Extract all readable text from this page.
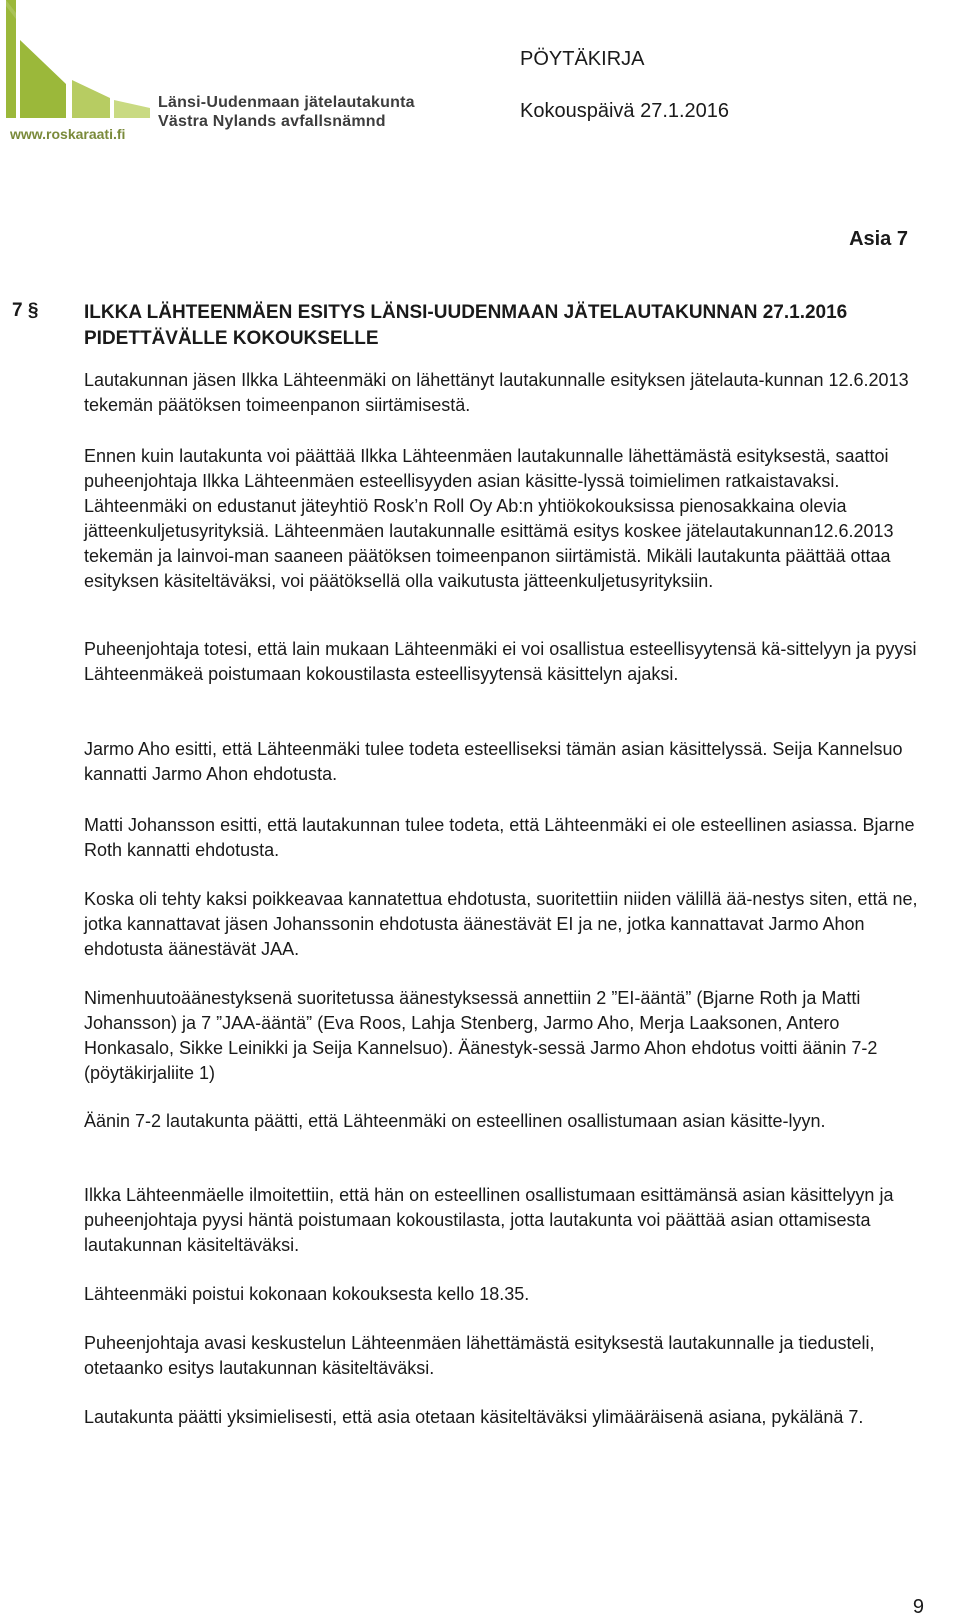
Länsi-Uudenmaan jätelautakunta
Västra Nylands avfallsnämnd
www.roskaraati.fi
PÖYTÄKIRJA
Kokouspäivä 27.1.2016
Asia 7
7 § ILKKA LÄHTEENMÄEN ESITYS LÄNSI-UUDENMAAN JÄTELAUTAKUNNAN 27.1.2016 PIDETTÄVÄLLE KOKOUKSELLE
Lautakunnan jäsen Ilkka Lähteenmäki on lähettänyt lautakunnalle esityksen jätelauta-kunnan 12.6.2013 tekemän päätöksen toimeenpanon siirtämisestä.
Ennen kuin lautakunta voi päättää Ilkka Lähteenmäen lautakunnalle lähettämästä esityksestä, saattoi puheenjohtaja Ilkka Lähteenmäen esteellisyyden asian käsitte-lyssä toimielimen ratkaistavaksi. Lähteenmäki on edustanut jäteyhtiö Rosk’n Roll Oy Ab:n yhtiökokouksissa pienosakkaina olevia jätteenkuljetusyrityksiä. Lähteenmäen lautakunnalle esittämä esitys koskee jätelautakunnan12.6.2013 tekemän ja lainvoi-man saaneen päätöksen toimeenpanon siirtämistä. Mikäli lautakunta päättää ottaa esityksen käsiteltäväksi, voi päätöksellä olla vaikutusta jätteenkuljetusyrityksiin.
Puheenjohtaja totesi, että lain mukaan Lähteenmäki ei voi osallistua esteellisyytensä kä-sittelyyn ja pyysi Lähteenmäkeä poistumaan kokoustilasta esteellisyytensä käsittelyn ajaksi.
Jarmo Aho esitti, että Lähteenmäki tulee todeta esteelliseksi tämän asian käsittelyssä. Seija Kannelsuo kannatti Jarmo Ahon ehdotusta.
Matti Johansson esitti, että lautakunnan tulee todeta, että Lähteenmäki ei ole esteellinen asiassa. Bjarne Roth kannatti ehdotusta.
Koska oli tehty kaksi poikkeavaa kannatettua ehdotusta, suoritettiin niiden välillä ää-nestys siten, että ne, jotka kannattavat jäsen Johanssonin ehdotusta äänestävät EI ja ne, jotka kannattavat Jarmo Ahon ehdotusta äänestävät JAA.
Nimenhuutoäänestyksenä suoritetussa äänestyksessä annettiin 2 ”EI-ääntä” (Bjarne Roth ja Matti Johansson) ja 7 ”JAA-ääntä” (Eva Roos, Lahja Stenberg, Jarmo Aho, Merja Laaksonen, Antero Honkasalo, Sikke Leinikki ja Seija Kannelsuo). Äänestyk-sessä Jarmo Ahon ehdotus voitti äänin 7-2 (pöytäkirjaliite 1)
Äänin 7-2 lautakunta päätti, että Lähteenmäki on esteellinen osallistumaan asian käsitte-lyyn.
Ilkka Lähteenmäelle ilmoitettiin, että hän on esteellinen osallistumaan esittämänsä asian käsittelyyn ja puheenjohtaja pyysi häntä poistumaan kokoustilasta, jotta lautakunta voi päättää asian ottamisesta lautakunnan käsiteltäväksi.
Lähteenmäki poistui kokonaan kokouksesta kello 18.35.
Puheenjohtaja avasi keskustelun Lähteenmäen lähettämästä esityksestä lautakunnalle ja tiedusteli, otetaanko esitys lautakunnan käsiteltäväksi.
Lautakunta päätti yksimielisesti, että asia otetaan käsiteltäväksi ylimääräisenä asiana, pykälänä 7.
9
